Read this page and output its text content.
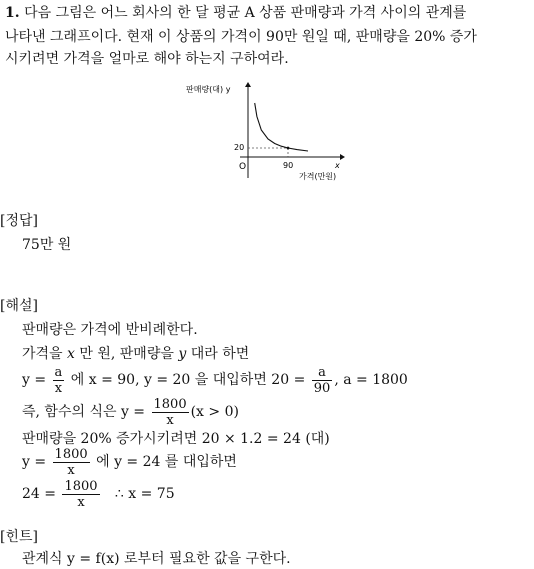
1. 다음 그림은 어느 회사의 한 달 평균 A 상품 판매량과 가격 사이의 관계를
나타낸 그래프이다. 현재 이 상품의 가격이 90만 원일 때, 판매량을 20% 증가
시키려면 가격을 얼마로 해야 하는지 구하여라.
판매량(대) y
20
O	90	x
가격(만원)
[정답]
75만 원
[해설]
판매량은 가격에 반비례한다.
가격을 x 만 원, 판매량을 y 대라 하면
$y = \frac{a}{x}$ 에 x = 90, y = 20 을 대입하면 $20 = \frac{a}{90}$ , a = 1800
즉, 함수의 식은 $y = \frac{1800}{x} (x > 0)$
판매량을 20% 증가시키려면 20 × 1.2 = 24 (대)
$y = \frac{1800}{x}$ 에 y = 24 를 대입하면
$24 = \frac{1800}{x}$ ∴ x = 75
[힌트]
관계식 y = f(x) 로부터 필요한 값을 구한다.
